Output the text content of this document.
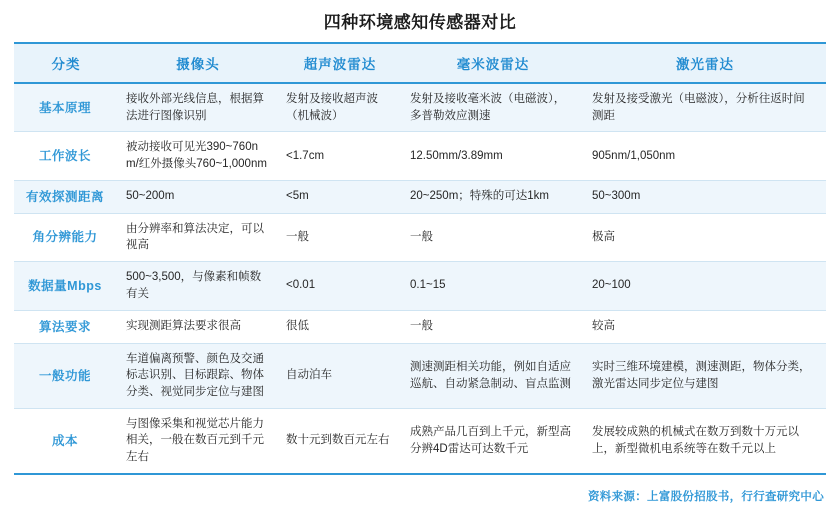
四种环境感知传感器对比
分类	摄像头	超声波雷达	毫米波雷达	激光雷达
基本原理	接收外部光线信息，根据算法进行图像识别	发射及接收超声波（机械波）	发射及接收毫米波（电磁波），多普勒效应测速	发射及接受激光（电磁波），分析往返时间测距
工作波长	被动接收可见光390~760nm/红外摄像头760~1,000nm	<1.7cm	12.50mm/3.89mm	905nm/1,050nm
有效探测距离	50~200m	<5m	20~250m；特殊的可达1km	50~300m
角分辨能力	由分辨率和算法决定，可以视高	一般	一般	极高
数据量Mbps	500~3,500，与像素和帧数有关	<0.01	0.1~15	20~100
算法要求	实现测距算法要求很高	很低	一般	较高
一般功能	车道偏离预警、颜色及交通标志识别、目标跟踪、物体分类、视觉同步定位与建图	自动泊车	测速测距相关功能，例如自适应巡航、自动紧急制动、盲点监测	实时三维环境建模，测速测距，物体分类，激光雷达同步定位与建图
成本	与图像采集和视觉芯片能力相关，一般在数百元到千元左右	数十元到数百元左右	成熟产品几百到上千元，新型高分辨4D雷达可达数千元	发展较成熟的机械式在数万到数十万元以上，新型微机电系统等在数千元以上
资料来源：上富股份招股书，行行查研究中心
